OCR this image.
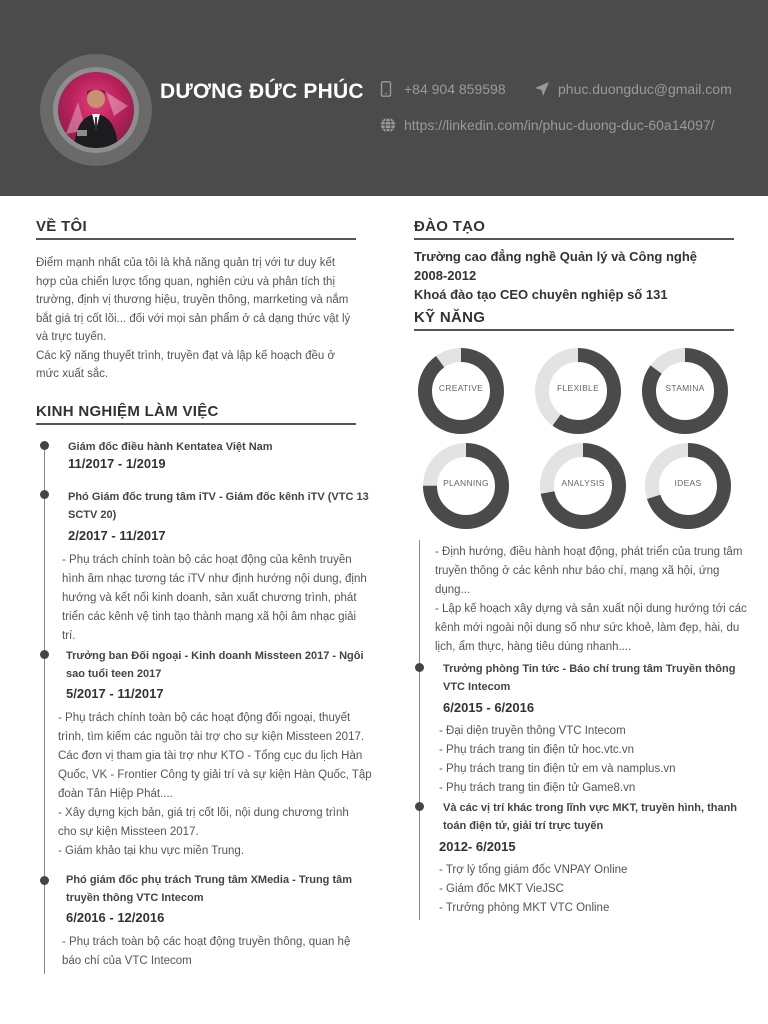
DƯƠNG ĐỨC PHÚC	+84 904 859598	phuc.duongduc@gmail.com
https://linkedin.com/in/phuc-duong-duc-60a14097/
VỀ TÔI
Điểm mạnh nhất của tôi là khả năng quản trị với tư duy kết
hợp của chiến lược tổng quan, nghiên cứu và phân tích thị
trường, định vị thương hiệu, truyền thông, marrketing và nắm
bắt giá trị cốt lõi... đối với mọi sản phẩm ở cả dạng thức vật lý
và trực tuyến.
Các kỹ năng thuyết trình, truyền đạt và lập kế hoạch đều ở
mức xuất sắc.
KINH NGHIỆM LÀM VIỆC
Giám đốc điều hành Kentatea Việt Nam
11/2017 - 1/2019
Phó Giám đốc trung tâm iTV - Giám đốc kênh iTV (VTC 13
SCTV 20)
2/2017 - 11/2017
- Phụ trách chính toàn bộ các hoạt động của kênh truyền
hình âm nhạc tương tác iTV như định hướng nội dung, định
hướng và kết nối kinh doanh, sản xuất chương trình, phát
triển các kênh vệ tinh tạo thành mạng xã hội âm nhạc giải
trí.
Trưởng ban Đối ngoại - Kinh doanh Missteen 2017 - Ngôi
sao tuổi teen 2017
5/2017 - 11/2017
- Phụ trách chính toàn bộ các hoạt động đối ngoại, thuyết
trình, tìm kiếm các nguồn tài trợ cho sự kiện Missteen 2017.
Các đơn vị tham gia tài trợ như KTO - Tổng cục du lịch Hàn
Quốc, VK - Frontier Công ty giải trí và sự kiện Hàn Quốc, Tập
đoàn Tân Hiệp Phát....
- Xây dựng kịch bản, giá trị cốt lõi, nội dung chương trình
cho sự kiện Missteen 2017.
- Giám khảo tại khu vực miền Trung.
Phó giám đốc phụ trách Trung tâm XMedia - Trung tâm
truyền thông VTC Intecom
6/2016 - 12/2016
- Phụ trách toàn bộ các hoạt động truyền thông, quan hệ
báo chí của VTC Intecom
ĐÀO TẠO
Trường cao đẳng nghề Quản lý và Công nghệ
2008-2012
Khoá đào tạo CEO chuyên nghiệp số 131
KỸ NĂNG
CREATIVE	FLEXIBLE	STAMINA
PLANNING	ANALYSIS	IDEAS
- Định hướng, điều hành hoạt động, phát triển của trung tâm
truyền thông ở các kênh như báo chí, mạng xã hội, ứng
dụng...
- Lập kế hoạch xây dựng và sản xuất nội dung hướng tới các
kênh mới ngoài nội dung số như sức khoẻ, làm đẹp, hài, du
lịch, ẩm thực, hàng tiêu dùng nhanh....
Trưởng phòng Tin tức - Báo chí trung tâm Truyền thông
VTC Intecom
6/2015 - 6/2016
- Đại diện truyền thông VTC Intecom
- Phụ trách trang tin điện tử hoc.vtc.vn
- Phụ trách trang tin điện tử em và namplus.vn
- Phụ trách trang tin điện tử Game8.vn
Và các vị trí khác trong lĩnh vực MKT, truyền hình, thanh
toán điện tử, giải trí trực tuyến
2012- 6/2015
- Trợ lý tổng giám đốc VNPAY Online
- Giám đốc MKT VieJSC
- Trưởng phòng MKT VTC Online
